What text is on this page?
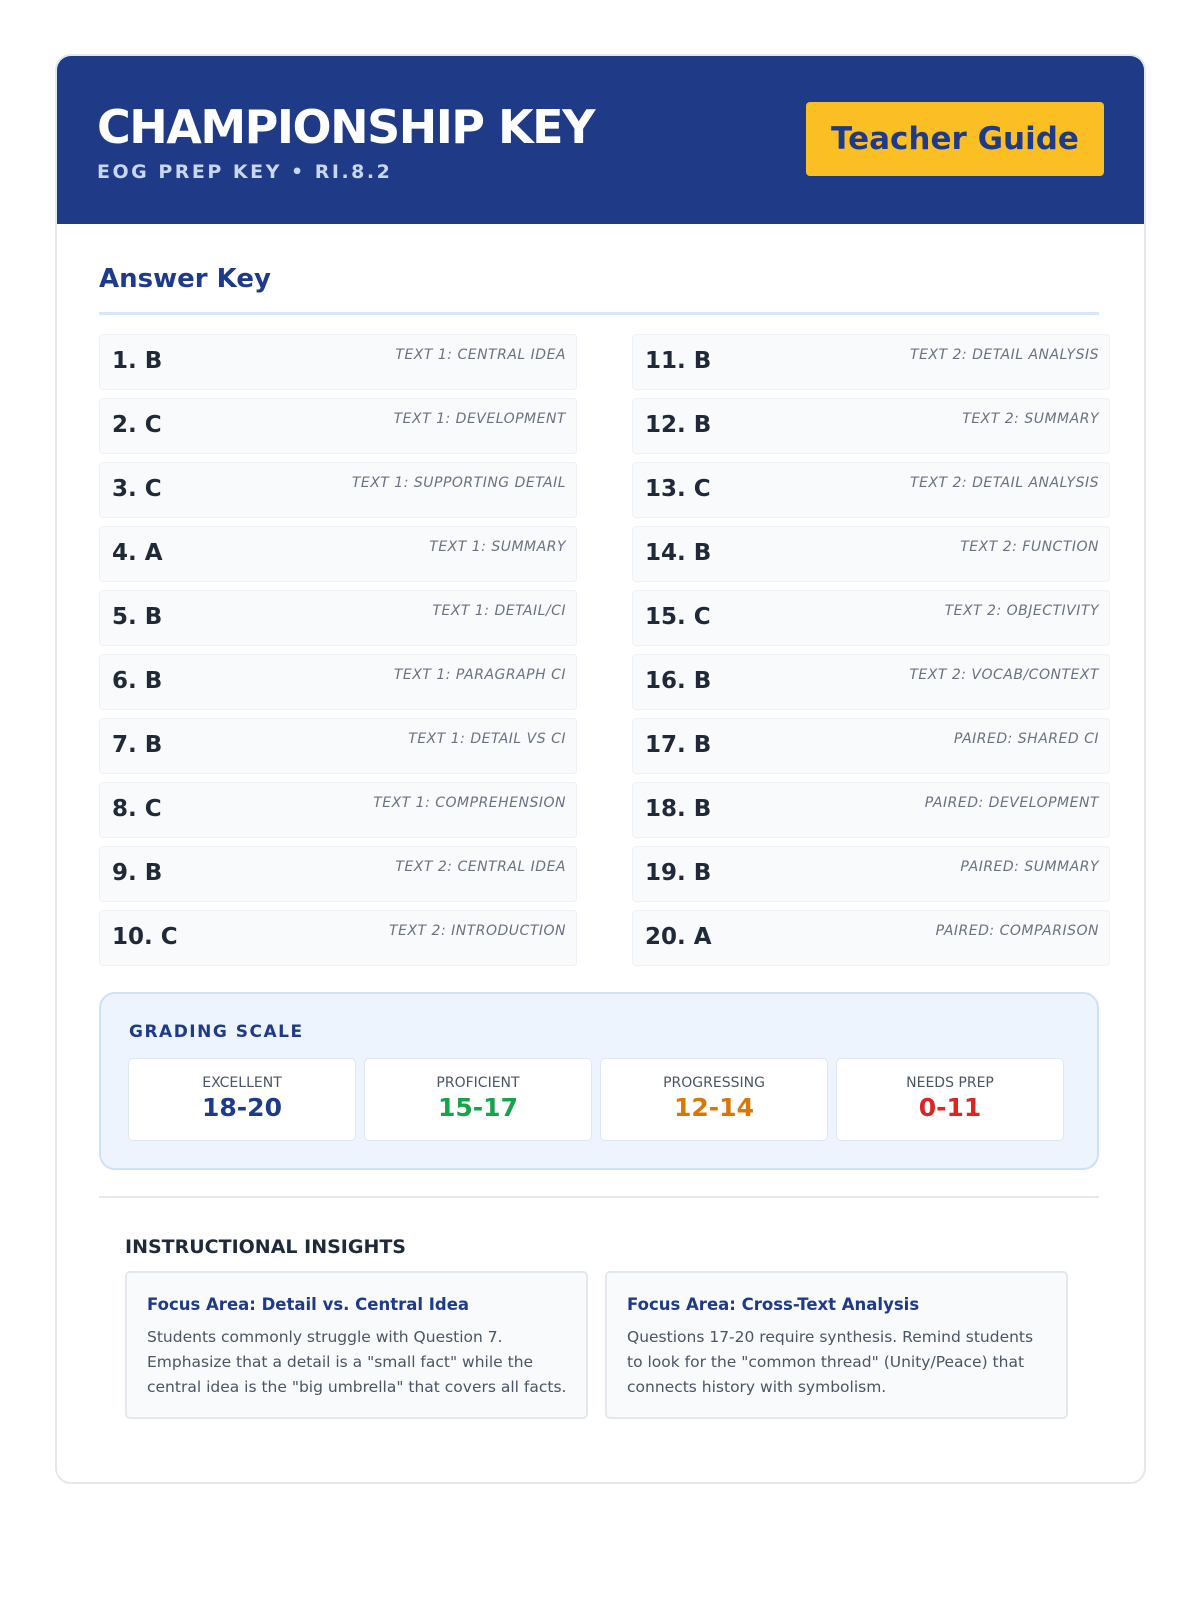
CHAMPIONSHIP KEY
EOG PREP KEY • RI.8.2
Teacher Guide
Answer Key
1. B	TEXT 1: CENTRAL IDEA
2. C	TEXT 1: DEVELOPMENT
3. C	TEXT 1: SUPPORTING DETAIL
4. A	TEXT 1: SUMMARY
5. B	TEXT 1: DETAIL/CI
6. B	TEXT 1: PARAGRAPH CI
7. B	TEXT 1: DETAIL VS CI
8. C	TEXT 1: COMPREHENSION
9. B	TEXT 2: CENTRAL IDEA
10. C	TEXT 2: INTRODUCTION
11. B	TEXT 2: DETAIL ANALYSIS
12. B	TEXT 2: SUMMARY
13. C	TEXT 2: DETAIL ANALYSIS
14. B	TEXT 2: FUNCTION
15. C	TEXT 2: OBJECTIVITY
16. B	TEXT 2: VOCAB/CONTEXT
17. B	PAIRED: SHARED CI
18. B	PAIRED: DEVELOPMENT
19. B	PAIRED: SUMMARY
20. A	PAIRED: COMPARISON
GRADING SCALE
EXCELLENT
18-20
PROFICIENT
15-17
PROGRESSING
12-14
NEEDS PREP
0-11
INSTRUCTIONAL INSIGHTS
Focus Area: Detail vs. Central Idea
Students commonly struggle with Question 7. Emphasize that a detail is a "small fact" while the central idea is the "big umbrella" that covers all facts.
Focus Area: Cross-Text Analysis
Questions 17-20 require synthesis. Remind students to look for the "common thread" (Unity/Peace) that connects history with symbolism.
